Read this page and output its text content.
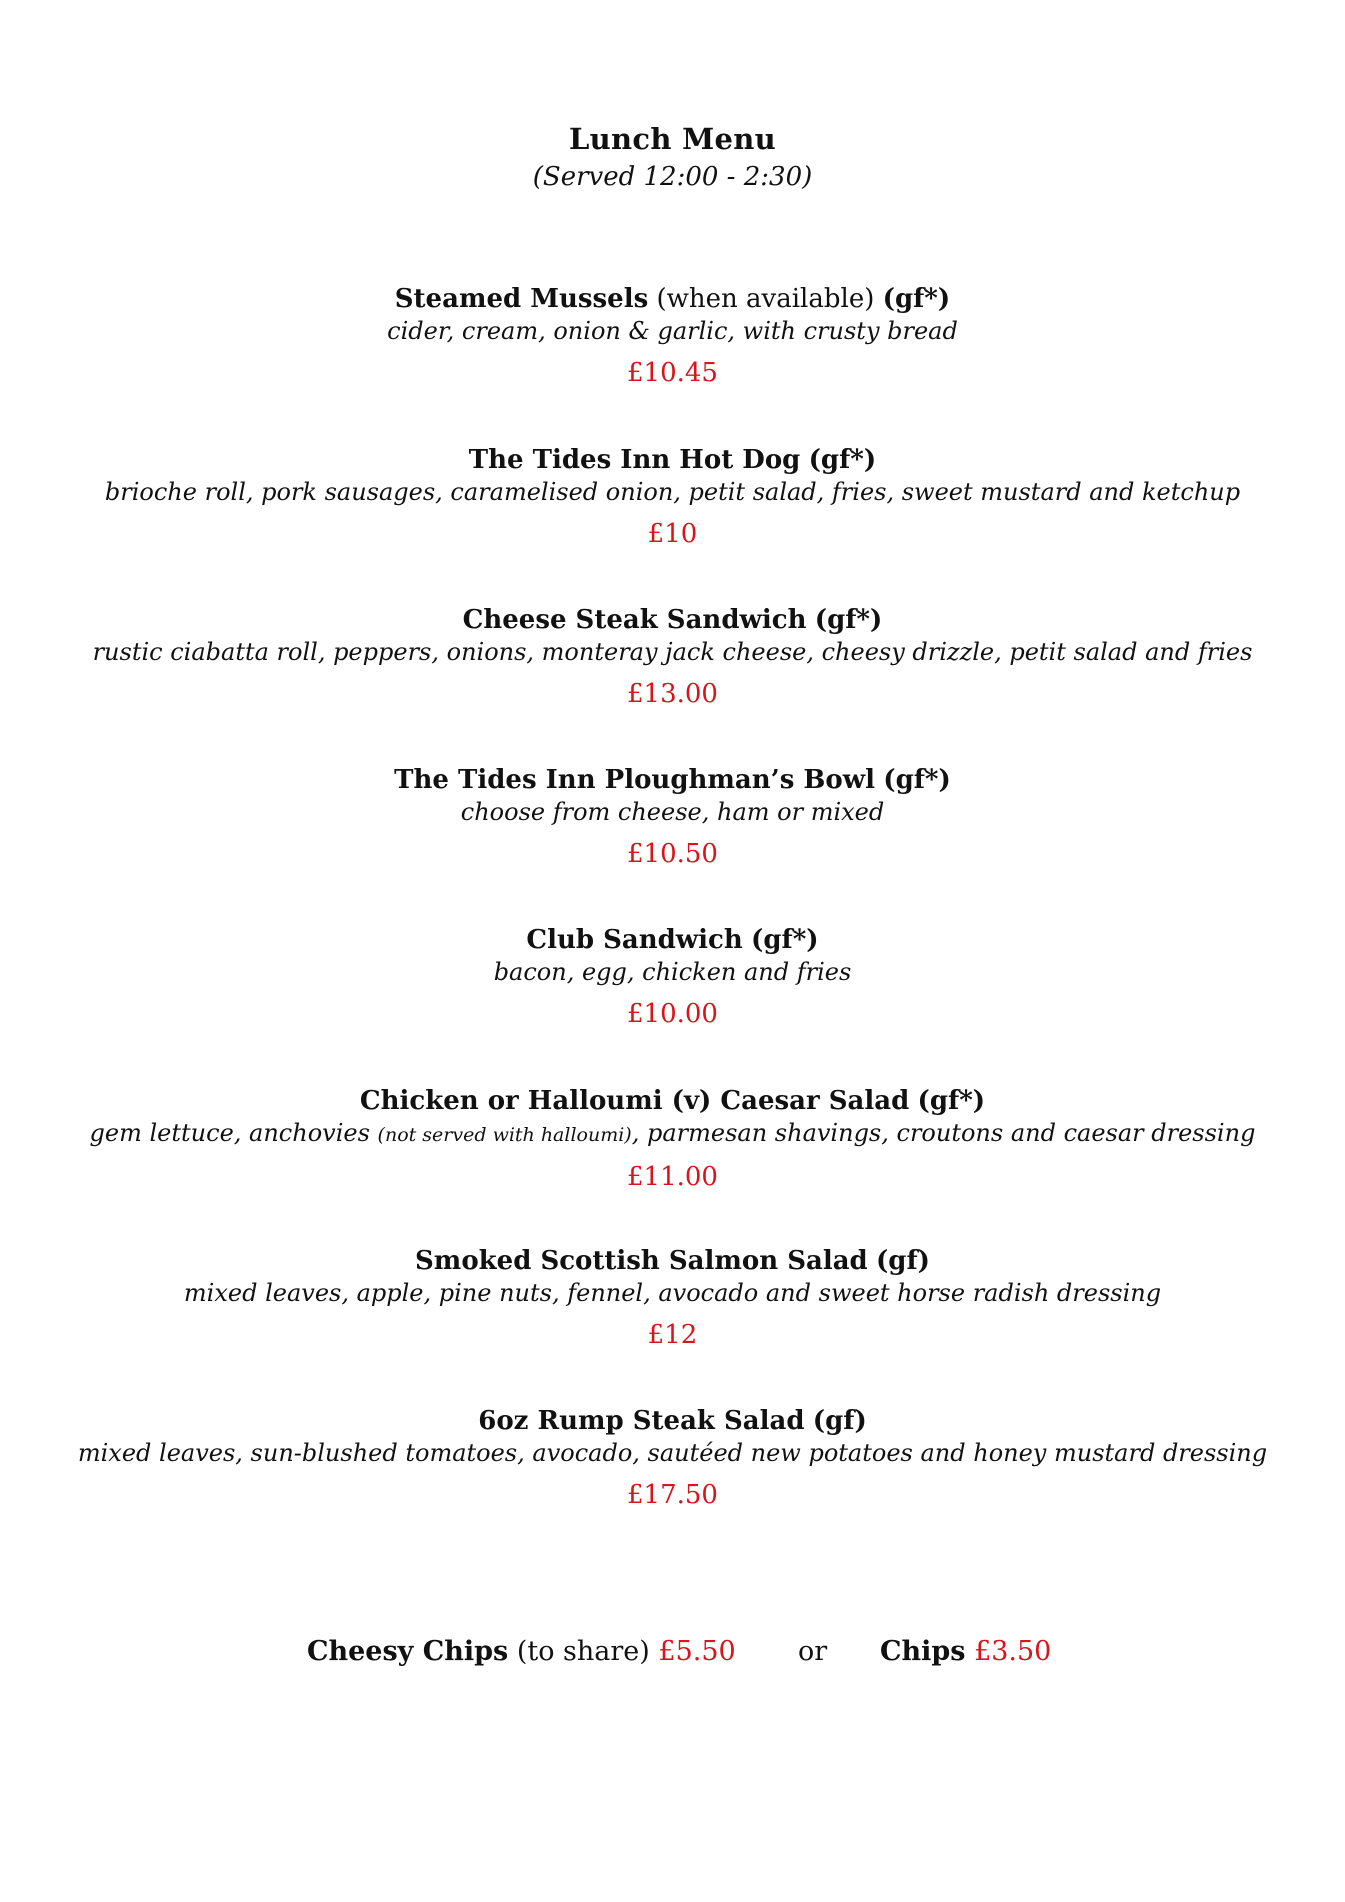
Lunch Menu
(Served 12:00 - 2:30)
Steamed Mussels (when available) (gf*)
cider, cream, onion & garlic, with crusty bread
£10.45
The Tides Inn Hot Dog (gf*)
brioche roll, pork sausages, caramelised onion, petit salad, fries, sweet mustard and ketchup
£10
Cheese Steak Sandwich (gf*)
rustic ciabatta roll, peppers, onions, monteray jack cheese, cheesy drizzle, petit salad and fries
£13.00
The Tides Inn Ploughman’s Bowl (gf*)
choose from cheese, ham or mixed
£10.50
Club Sandwich (gf*)
bacon, egg, chicken and fries
£10.00
Chicken or Halloumi (v) Caesar Salad (gf*)
gem lettuce, anchovies (not served with halloumi), parmesan shavings, croutons and caesar dressing
£11.00
Smoked Scottish Salmon Salad (gf)
mixed leaves, apple, pine nuts, fennel, avocado and sweet horse radish dressing
£12
6oz Rump Steak Salad (gf)
mixed leaves, sun-blushed tomatoes, avocado, sautéed new potatoes and honey mustard dressing
£17.50
Cheesy Chips (to share) £5.50 or Chips £3.50
